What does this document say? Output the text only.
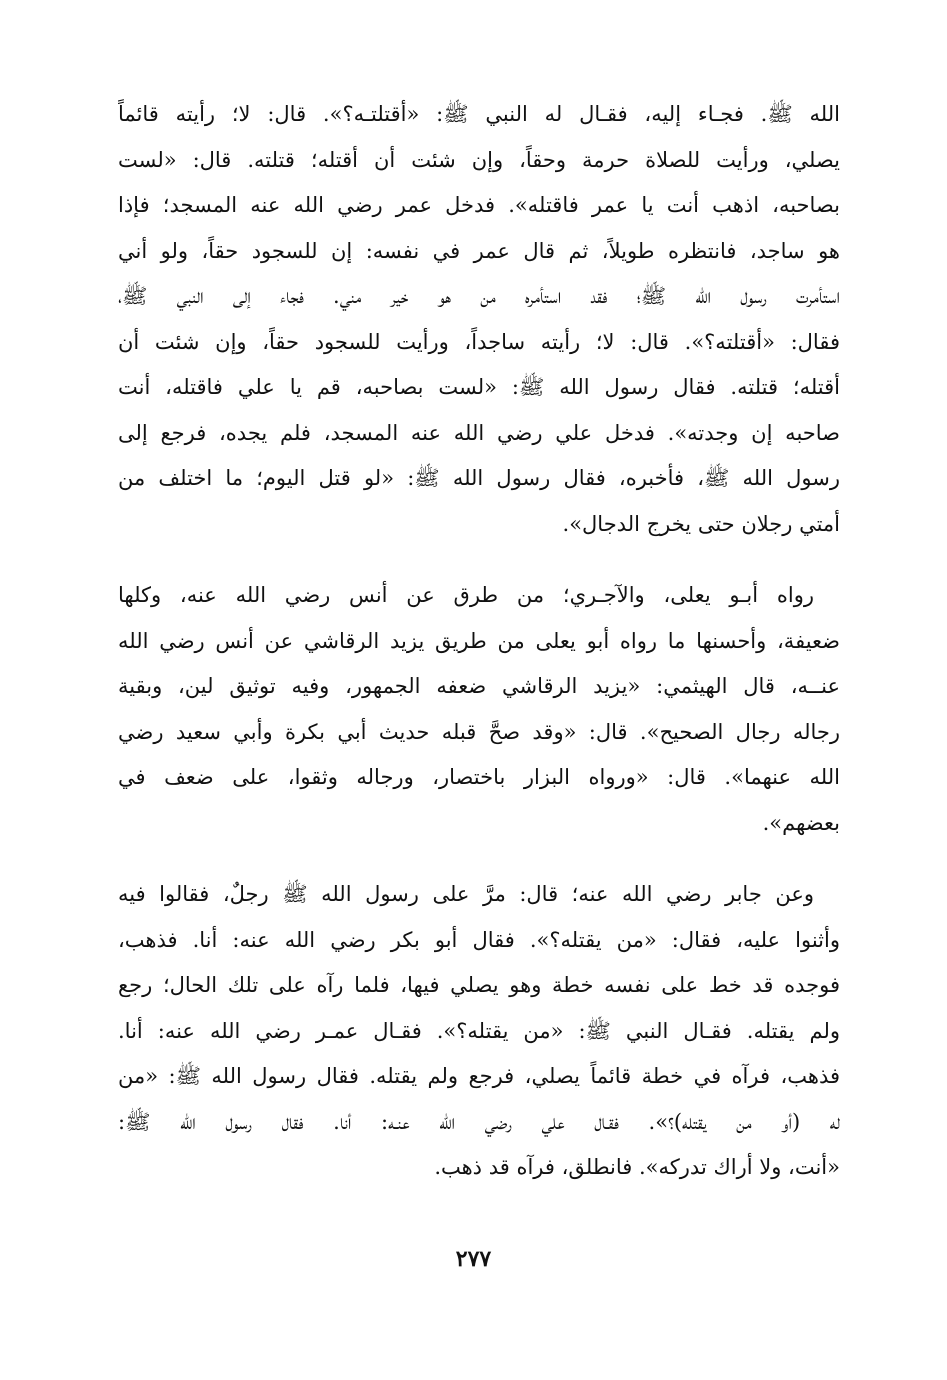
الله ﷺ. فجـاء إليه، فقـال له النبي ﷺ: «أقتلتـه؟». قال: لا؛ رأيته قائماً
يصلي، ورأيت للصلاة حرمة وحقاً، وإن شئت أن أقتله؛ قتلته. قال: «لست
بصاحبه، اذهب أنت يا عمر فاقتله». فدخل عمر رضي الله عنه المسجد؛ فإذا
هو ساجد، فانتظره طويلاً، ثم قال عمر في نفسه: إن للسجود حقاً، ولو أني
استأمرت رسول الله ﷺ؛ فقد استأمره من هو خير مني. فجاء إلى النبي ﷺ،
فقال: «أقتلته؟». قال: لا؛ رأيته ساجداً، ورأيت للسجود حقاً، وإن شئت أن
أقتله؛ قتلته. فقال رسول الله ﷺ: «لست بصاحبه، قم يا علي فاقتله، أنت
صاحبه إن وجدته». فدخل علي رضي الله عنه المسجد، فلم يجده، فرجع إلى
رسول الله ﷺ، فأخبره، فقال رسول الله ﷺ: «لو قتل اليوم؛ ما اختلف من
أمتي رجلان حتى يخرج الدجال».

رواه أبـو يعلى، والآجـري؛ من طرق عن أنس رضي الله عنه، وكلها
ضعيفة، وأحسنها ما رواه أبو يعلى من طريق يزيد الرقاشي عن أنس رضي الله
عنــه، قال الهيثمي: «يزيد الرقاشي ضعفه الجمهور، وفيه توثيق لين، وبقية
رجاله رجال الصحيح». قال: «وقد صحَّ قبله حديث أبي بكرة وأبي سعيد رضي
الله عنهما». قال: «ورواه البزار باختصار، ورجاله وثقوا، على ضعف في
بعضهم».

وعن جابر رضي الله عنه؛ قال: مرَّ على رسول الله ﷺ رجلٌ، فقالوا فيه
وأثنوا عليه، فقال: «من يقتله؟». فقال أبو بكر رضي الله عنه: أنا. فذهب،
فوجده قد خط على نفسه خطة وهو يصلي فيها، فلما رآه على تلك الحال؛ رجع
ولم يقتله. فقـال النبي ﷺ: «من يقتله؟». فقـال عمـر رضي الله عنه: أنا.
فذهب، فرآه في خطة قائماً يصلي، فرجع ولم يقتله. فقال رسول الله ﷺ: «من
له (أو من يقتله)؟». فقـال علي رضي الله عنـه: أنا. فقال رسول الله ﷺ:
«أنت، ولا أراك تدركه». فانطلق، فرآه قد ذهب.

٢٧٧
